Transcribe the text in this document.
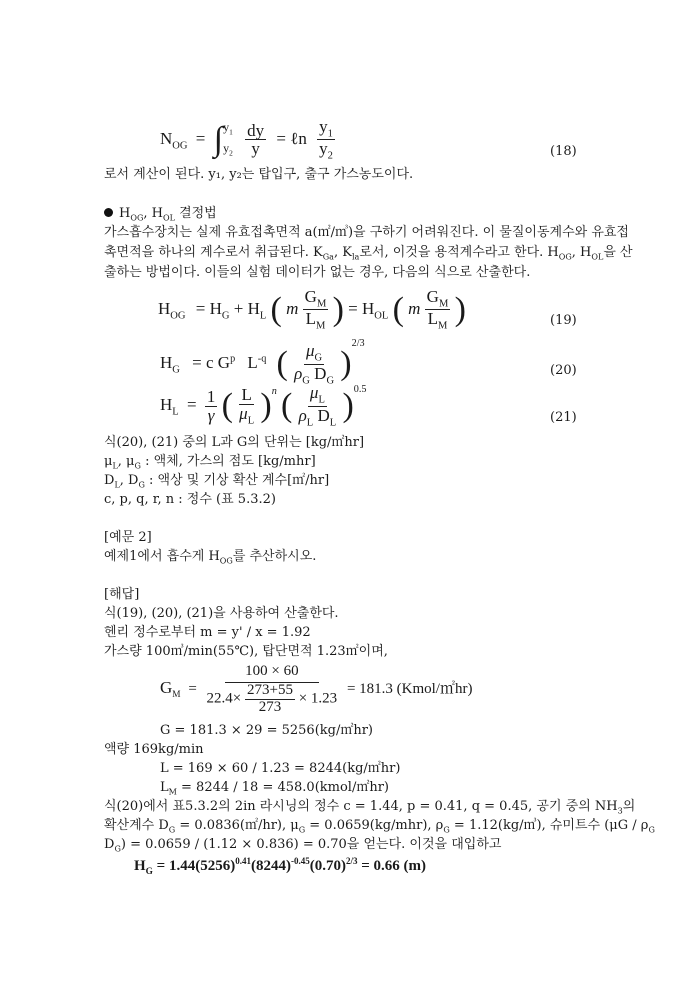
$N_{OG}$ = ∫ $y_1$
$y_2$
$\frac{dy}{y}$ = ℓn $\frac{y_1}{y_2}$	(18)
로서 계산이 된다. y₁, y₂는 탑입구, 출구 가스농도이다.
$H_{OG}$, $H_{OL}$ 결정법
가스흡수장치는 실제 유효접촉면적 a(㎡/㎥)을 구하기 어려워진다. 이 물질이동계수와 유효접
촉면적을 하나의 계수로서 취급된다. $K_{Ga}$, $K_{la}$로서, 이것을 용적계수라고 한다. $H_{OG}$, $H_{OL}$을 산
출하는 방법이다. 이들의 실험 데이터가 없는 경우, 다음의 식으로 산출한다.
$H_{OG} = H_G + H_L$ ( m $\frac{G_M}{L_M}$ ) = $H_{OL}$ ( m $\frac{G_M}{L_M}$ )	(19)
$H_G = c$ $G^p$ $L^{-q}$ ( $\frac{\mu_G}{\rho_G D_G} )^{2/3}$
(20)
$H_L = \frac{1}{\gamma}$ ( $\frac{L}{\mu_L} )^n$ ( $\frac{\mu_L}{\rho_L D_L} )^{0.5}$
(21)
식(20), (21) 중의 L과 G의 단위는 [kg/㎡hr]
$\mu_L$, $\mu_G$ : 액체, 가스의 점도 [kg/mhr]
$D_L$, $D_G$ : 액상 및 기상 확산 계수[㎡/hr]
c, p, q, r, n : 정수 (표 5.3.2)
[예문 2]
예제1에서 흡수게 $H_{OG}$를 추산하시오.
[해답]
식(19), (20), (21)을 사용하여 산출한다.
헨리 정수로부터 m = y' / x = 1.92
가스량 100㎥/min(55℃), 탑단면적 1.23㎡이며,
$G_M$ =
100 × 60
$22.4\times \frac{273+55}{273} \times 1.23$
= 181.3 (Kmol/㎡hr)
G = 181.3 × 29 = 5256(kg/㎡hr)
액량 169kg/min
L = 169 × 60 / 1.23 = 8244(kg/㎡hr)
$L_M = 8244 / 18$ = 458.0(kmol/㎡hr)
식(20)에서 표5.3.2의 2in 라시닝의 정수 c = 1.44, p = 0.41, q = 0.45, 공기 중의 $NH_3$의
확산계수 $D_G$ = 0.0836(㎡/hr), $\mu_G = 0.0659(kg/mhr)$, $\rho_G$ = 1.12(kg/㎥), 슈미트수 ($\mu G / \rho_G$
$D_G) = 0.0659 / (1.12 \times 0.836) = 0.70$을 얻는다. 이것을 대입하고
$H_G = 1.44(5256)^{0.41}(8244)^{-0.45}(0.70)^{2/3} = 0.66$ (m)
